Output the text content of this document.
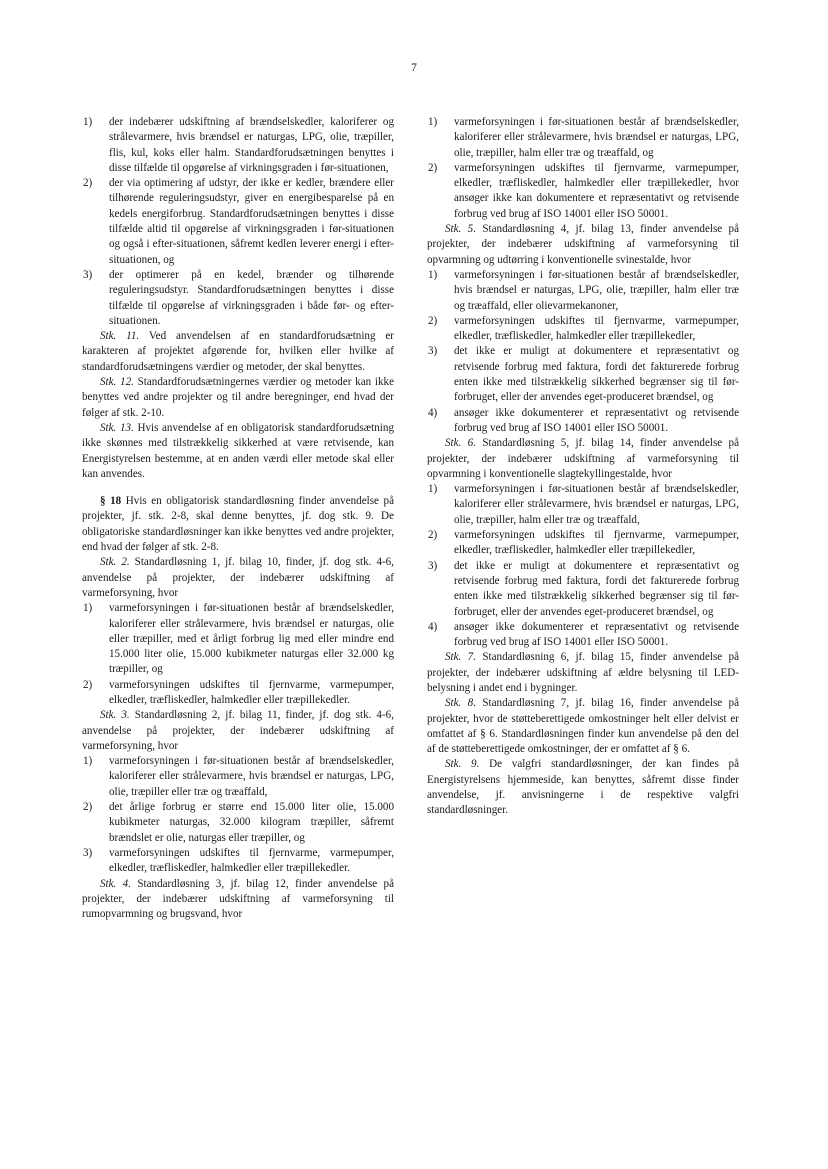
7
1) der indebærer udskiftning af brændselskedler, kaloriferer og strålevarmere, hvis brændsel er naturgas, LPG, olie, træpiller, flis, kul, koks eller halm. Standardforudsætningen benyttes i disse tilfælde til opgørelse af virkningsgraden i før-situationen,
2) der via optimering af udstyr, der ikke er kedler, brændere eller tilhørende reguleringsudstyr, giver en energibesparelse på en kedels energiforbrug. Standardforudsætningen benyttes i disse tilfælde altid til opgørelse af virkningsgraden i før-situationen og også i efter-situationen, såfremt kedlen leverer energi i efter-situationen, og
3) der optimerer på en kedel, brænder og tilhørende reguleringsudstyr. Standardforudsætningen benyttes i disse tilfælde til opgørelse af virkningsgraden i både før- og efter-situationen.
Stk. 11. Ved anvendelsen af en standardforudsætning er karakteren af projektet afgørende for, hvilken eller hvilke af standardforudsætningens værdier og metoder, der skal benyttes.
Stk. 12. Standardforudsætningernes værdier og metoder kan ikke benyttes ved andre projekter og til andre beregninger, end hvad der følger af stk. 2-10.
Stk. 13. Hvis anvendelse af en obligatorisk standardforudsætning ikke skønnes med tilstrækkelig sikkerhed at være retvisende, kan Energistyrelsen bestemme, at en anden værdi eller metode skal eller kan anvendes.
§ 18 Hvis en obligatorisk standardløsning finder anvendelse på projekter, jf. stk. 2-8, skal denne benyttes, jf. dog stk. 9. De obligatoriske standardløsninger kan ikke benyttes ved andre projekter, end hvad der følger af stk. 2-8.
Stk. 2. Standardløsning 1, jf. bilag 10, finder, jf. dog stk. 4-6, anvendelse på projekter, der indebærer udskiftning af varmeforsyning, hvor
1) varmeforsyningen i før-situationen består af brændselskedler, kaloriferer eller strålevarmere, hvis brændsel er naturgas, olie eller træpiller, med et årligt forbrug lig med eller mindre end 15.000 liter olie, 15.000 kubikmeter naturgas eller 32.000 kg træpiller, og
2) varmeforsyningen udskiftes til fjernvarme, varmepumper, elkedler, træfliskedler, halmkedler eller træpillekedler.
Stk. 3. Standardløsning 2, jf. bilag 11, finder, jf. dog stk. 4-6, anvendelse på projekter, der indebærer udskiftning af varmeforsyning, hvor
1) varmeforsyningen i før-situationen består af brændselskedler, kaloriferer eller strålevarmere, hvis brændsel er naturgas, LPG, olie, træpiller eller træ og træaffald,
2) det årlige forbrug er større end 15.000 liter olie, 15.000 kubikmeter naturgas, 32.000 kilogram træpiller, såfremt brændslet er olie, naturgas eller træpiller, og
3) varmeforsyningen udskiftes til fjernvarme, varmepumper, elkedler, træfliskedler, halmkedler eller træpillekedler.
Stk. 4. Standardløsning 3, jf. bilag 12, finder anvendelse på projekter, der indebærer udskiftning af varmeforsyning til rumopvarmning og brugsvand, hvor
1) varmeforsyningen i før-situationen består af brændselskedler, kaloriferer eller strålevarmere, hvis brændsel er naturgas, LPG, olie, træpiller, halm eller træ og træaffald, og
2) varmeforsyningen udskiftes til fjernvarme, varmepumper, elkedler, træfliskedler, halmkedler eller træpillekedler, hvor ansøger ikke kan dokumentere et repræsentativt og retvisende forbrug ved brug af ISO 14001 eller ISO 50001.
Stk. 5. Standardløsning 4, jf. bilag 13, finder anvendelse på projekter, der indebærer udskiftning af varmeforsyning til opvarmning og udtørring i konventionelle svinestalde, hvor
1) varmeforsyningen i før-situationen består af brændselskedler, hvis brændsel er naturgas, LPG, olie, træpiller, halm eller træ og træaffald, eller olievarmekanoner,
2) varmeforsyningen udskiftes til fjernvarme, varmepumper, elkedler, træfliskedler, halmkedler eller træpillekedler,
3) det ikke er muligt at dokumentere et repræsentativt og retvisende forbrug med faktura, fordi det fakturerede forbrug enten ikke med tilstrækkelig sikkerhed begrænser sig til før-forbruget, eller der anvendes eget-produceret brændsel, og
4) ansøger ikke dokumenterer et repræsentativt og retvisende forbrug ved brug af ISO 14001 eller ISO 50001.
Stk. 6. Standardløsning 5, jf. bilag 14, finder anvendelse på projekter, der indebærer udskiftning af varmeforsyning til opvarmning i konventionelle slagtekyllingestalde, hvor
1) varmeforsyningen i før-situationen består af brændselskedler, kaloriferer eller strålevarmere, hvis brændsel er naturgas, LPG, olie, træpiller, halm eller træ og træaffald,
2) varmeforsyningen udskiftes til fjernvarme, varmepumper, elkedler, træfliskedler, halmkedler eller træpillekedler,
3) det ikke er muligt at dokumentere et repræsentativt og retvisende forbrug med faktura, fordi det fakturerede forbrug enten ikke med tilstrækkelig sikkerhed begrænser sig til før-forbruget, eller der anvendes eget-produceret brændsel, og
4) ansøger ikke dokumenterer et repræsentativt og retvisende forbrug ved brug af ISO 14001 eller ISO 50001.
Stk. 7. Standardløsning 6, jf. bilag 15, finder anvendelse på projekter, der indebærer udskiftning af ældre belysning til LED-belysning i andet end i bygninger.
Stk. 8. Standardløsning 7, jf. bilag 16, finder anvendelse på projekter, hvor de støtteberettigede omkostninger helt eller delvist er omfattet af § 6. Standardløsningen finder kun anvendelse på den del af de støtteberettigede omkostninger, der er omfattet af § 6.
Stk. 9. De valgfri standardløsninger, der kan findes på Energistyrelsens hjemmeside, kan benyttes, såfremt disse finder anvendelse, jf. anvisningerne i de respektive valgfri standardløsninger.
